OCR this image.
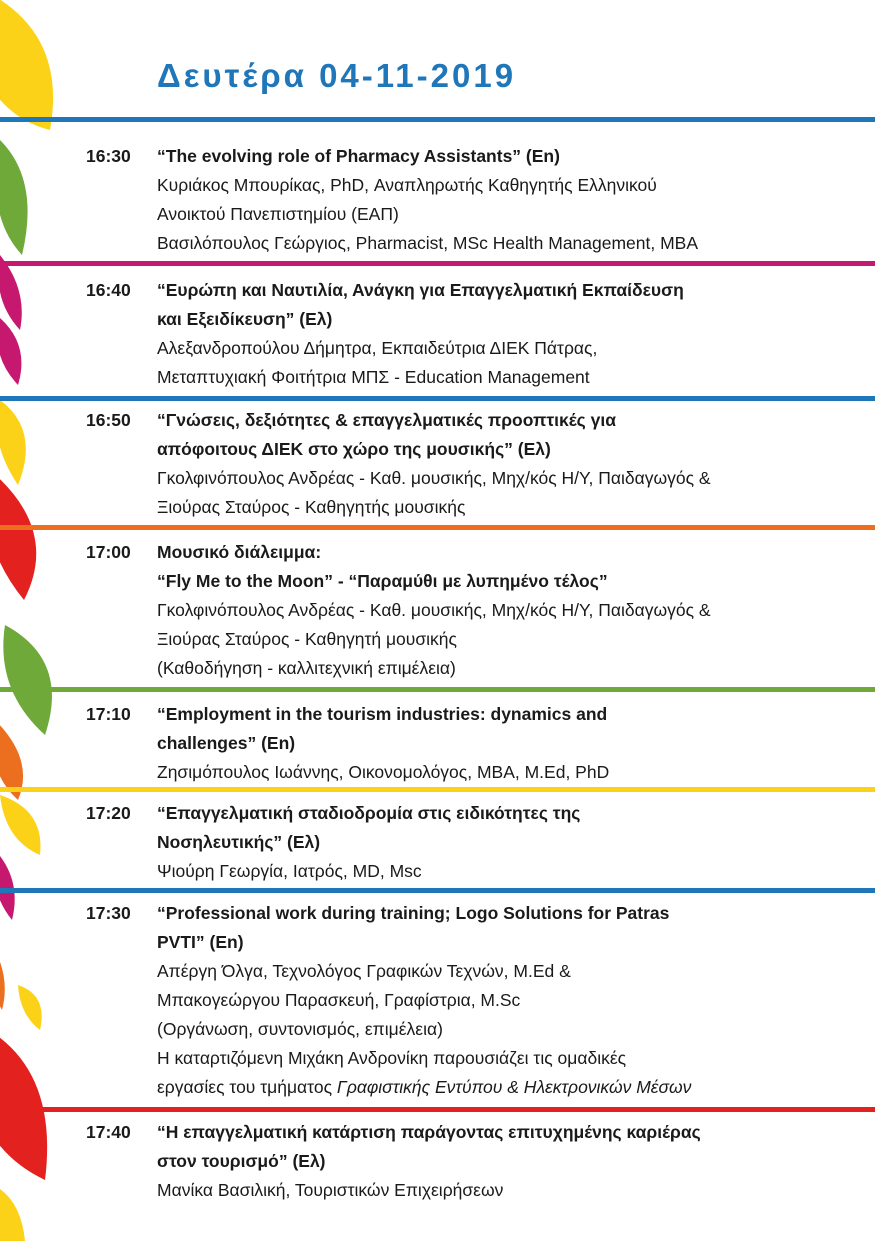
Δευτέρα 04-11-2019
16:30	“The evolving role of Pharmacy Assistants” (En)
Κυριάκος Μπουρίκας, PhD, Αναπληρωτής Καθηγητής Ελληνικού
Ανοικτού Πανεπιστημίου (ΕΑΠ)
Βασιλόπουλος Γεώργιος, Pharmacist, MSc Health Management, MBA
16:40	“Ευρώπη και Ναυτιλία, Ανάγκη για Επαγγελματική Εκπαίδευση
και Εξειδίκευση” (Ελ)
Αλεξανδροπούλου Δήμητρα, Εκπαιδεύτρια ΔΙΕΚ Πάτρας,
Μεταπτυχιακή Φοιτήτρια ΜΠΣ - Education Management
16:50	“Γνώσεις, δεξιότητες & επαγγελματικές προοπτικές για
απόφοιτους ΔΙΕΚ στο χώρο της μουσικής” (Ελ)
Γκολφινόπουλος Ανδρέας - Καθ. μουσικής, Μηχ/κός Η/Υ, Παιδαγωγός &
Ξιούρας Σταύρος - Καθηγητής μουσικής
17:00	Μουσικό διάλειμμα:
“Fly Me to the Moon” - “Παραμύθι με λυπημένο τέλος”
Γκολφινόπουλος Ανδρέας - Καθ. μουσικής, Μηχ/κός Η/Υ, Παιδαγωγός &
Ξιούρας Σταύρος - Καθηγητή μουσικής
(Καθοδήγηση - καλλιτεχνική επιμέλεια)
17:10	“Employment in the tourism industries: dynamics and
challenges” (En)
Ζησιμόπουλος Ιωάννης, Οικονομολόγος, MBA, M.Ed, PhD
17:20	“Επαγγελματική σταδιοδρομία στις ειδικότητες της
Νοσηλευτικής” (Ελ)
Ψιούρη Γεωργία, Ιατρός, MD, Msc
17:30	“Professional work during training; Logo Solutions for Patras
PVTI” (En)
Απέργη Όλγα, Τεχνολόγος Γραφικών Τεχνών, M.Ed &
Μπακογεώργου Παρασκευή, Γραφίστρια, M.Sc
(Οργάνωση, συντονισμός, επιμέλεια)
Η καταρτιζόμενη Μιχάκη Ανδρονίκη παρουσιάζει τις ομαδικές
εργασίες του τμήματος Γραφιστικής Εντύπου & Ηλεκτρονικών Μέσων
17:40	“Η επαγγελματική κατάρτιση παράγοντας επιτυχημένης καριέρας
στον τουρισμό” (Ελ)
Μανίκα Βασιλική, Τουριστικών Επιχειρήσεων
